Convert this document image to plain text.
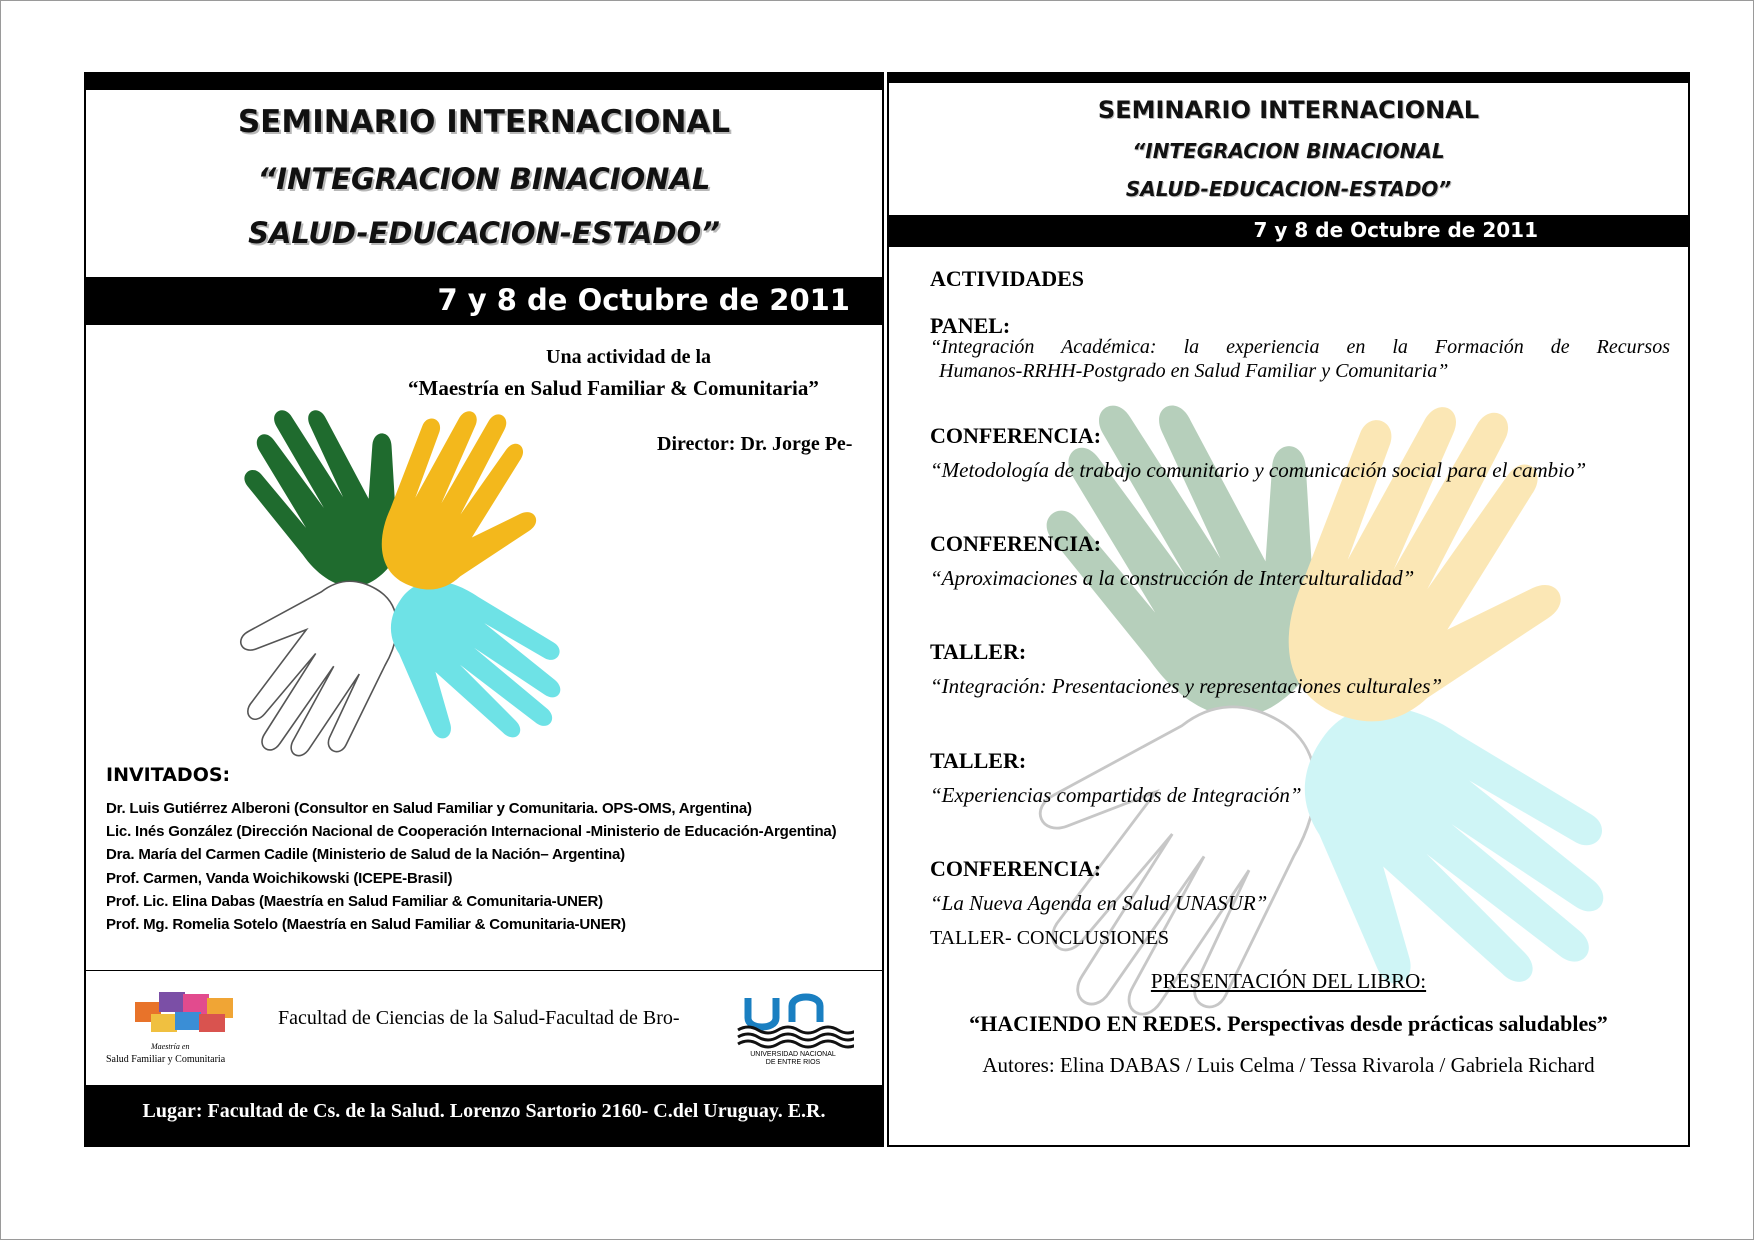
SEMINARIO INTERNACIONAL
“INTEGRACION BINACIONAL
SALUD-EDUCACION-ESTADO”
7 y 8 de Octubre de 2011
Una actividad de la
“Maestría en Salud Familiar & Comunitaria”
Director: Dr. Jorge Pe-
INVITADOS:
Dr. Luis Gutiérrez Alberoni (Consultor en Salud Familiar y Comunitaria. OPS-OMS, Argentina)
Lic. Inés González (Dirección Nacional de Cooperación Internacional -Ministerio de Educación-Argentina)
Dra. María del Carmen Cadile (Ministerio de Salud de la Nación– Argentina)
Prof. Carmen, Vanda Woichikowski (ICEPE-Brasil)
Prof. Lic. Elina Dabas (Maestría en Salud Familiar & Comunitaria-UNER)
Prof. Mg. Romelia Sotelo (Maestría en Salud Familiar & Comunitaria-UNER)
Maestría en
Salud Familiar y Comunitaria
Facultad de Ciencias de la Salud-Facultad de Bro-
UNIVERSIDAD NACIONAL
DE ENTRE RIOS
Lugar: Facultad de Cs. de la Salud. Lorenzo Sartorio 2160- C.del Uruguay. E.R.
SEMINARIO INTERNACIONAL
“INTEGRACION BINACIONAL
SALUD-EDUCACION-ESTADO”
7 y 8 de Octubre de 2011
ACTIVIDADES
PANEL:
“Integración Académica: la experiencia en la Formación de Recursos
Humanos-RRHH-Postgrado en Salud Familiar y Comunitaria”
CONFERENCIA:
“Metodología de trabajo comunitario y comunicación social para el cambio”
CONFERENCIA:
“Aproximaciones a la construcción de Interculturalidad”
TALLER:
“Integración: Presentaciones y representaciones culturales”
TALLER:
“Experiencias compartidas de Integración”
CONFERENCIA:
“La Nueva Agenda en Salud UNASUR”
TALLER- CONCLUSIONES
PRESENTACIÓN DEL LIBRO:
“HACIENDO EN REDES. Perspectivas desde prácticas saludables”
Autores: Elina DABAS / Luis Celma / Tessa Rivarola / Gabriela Richard
